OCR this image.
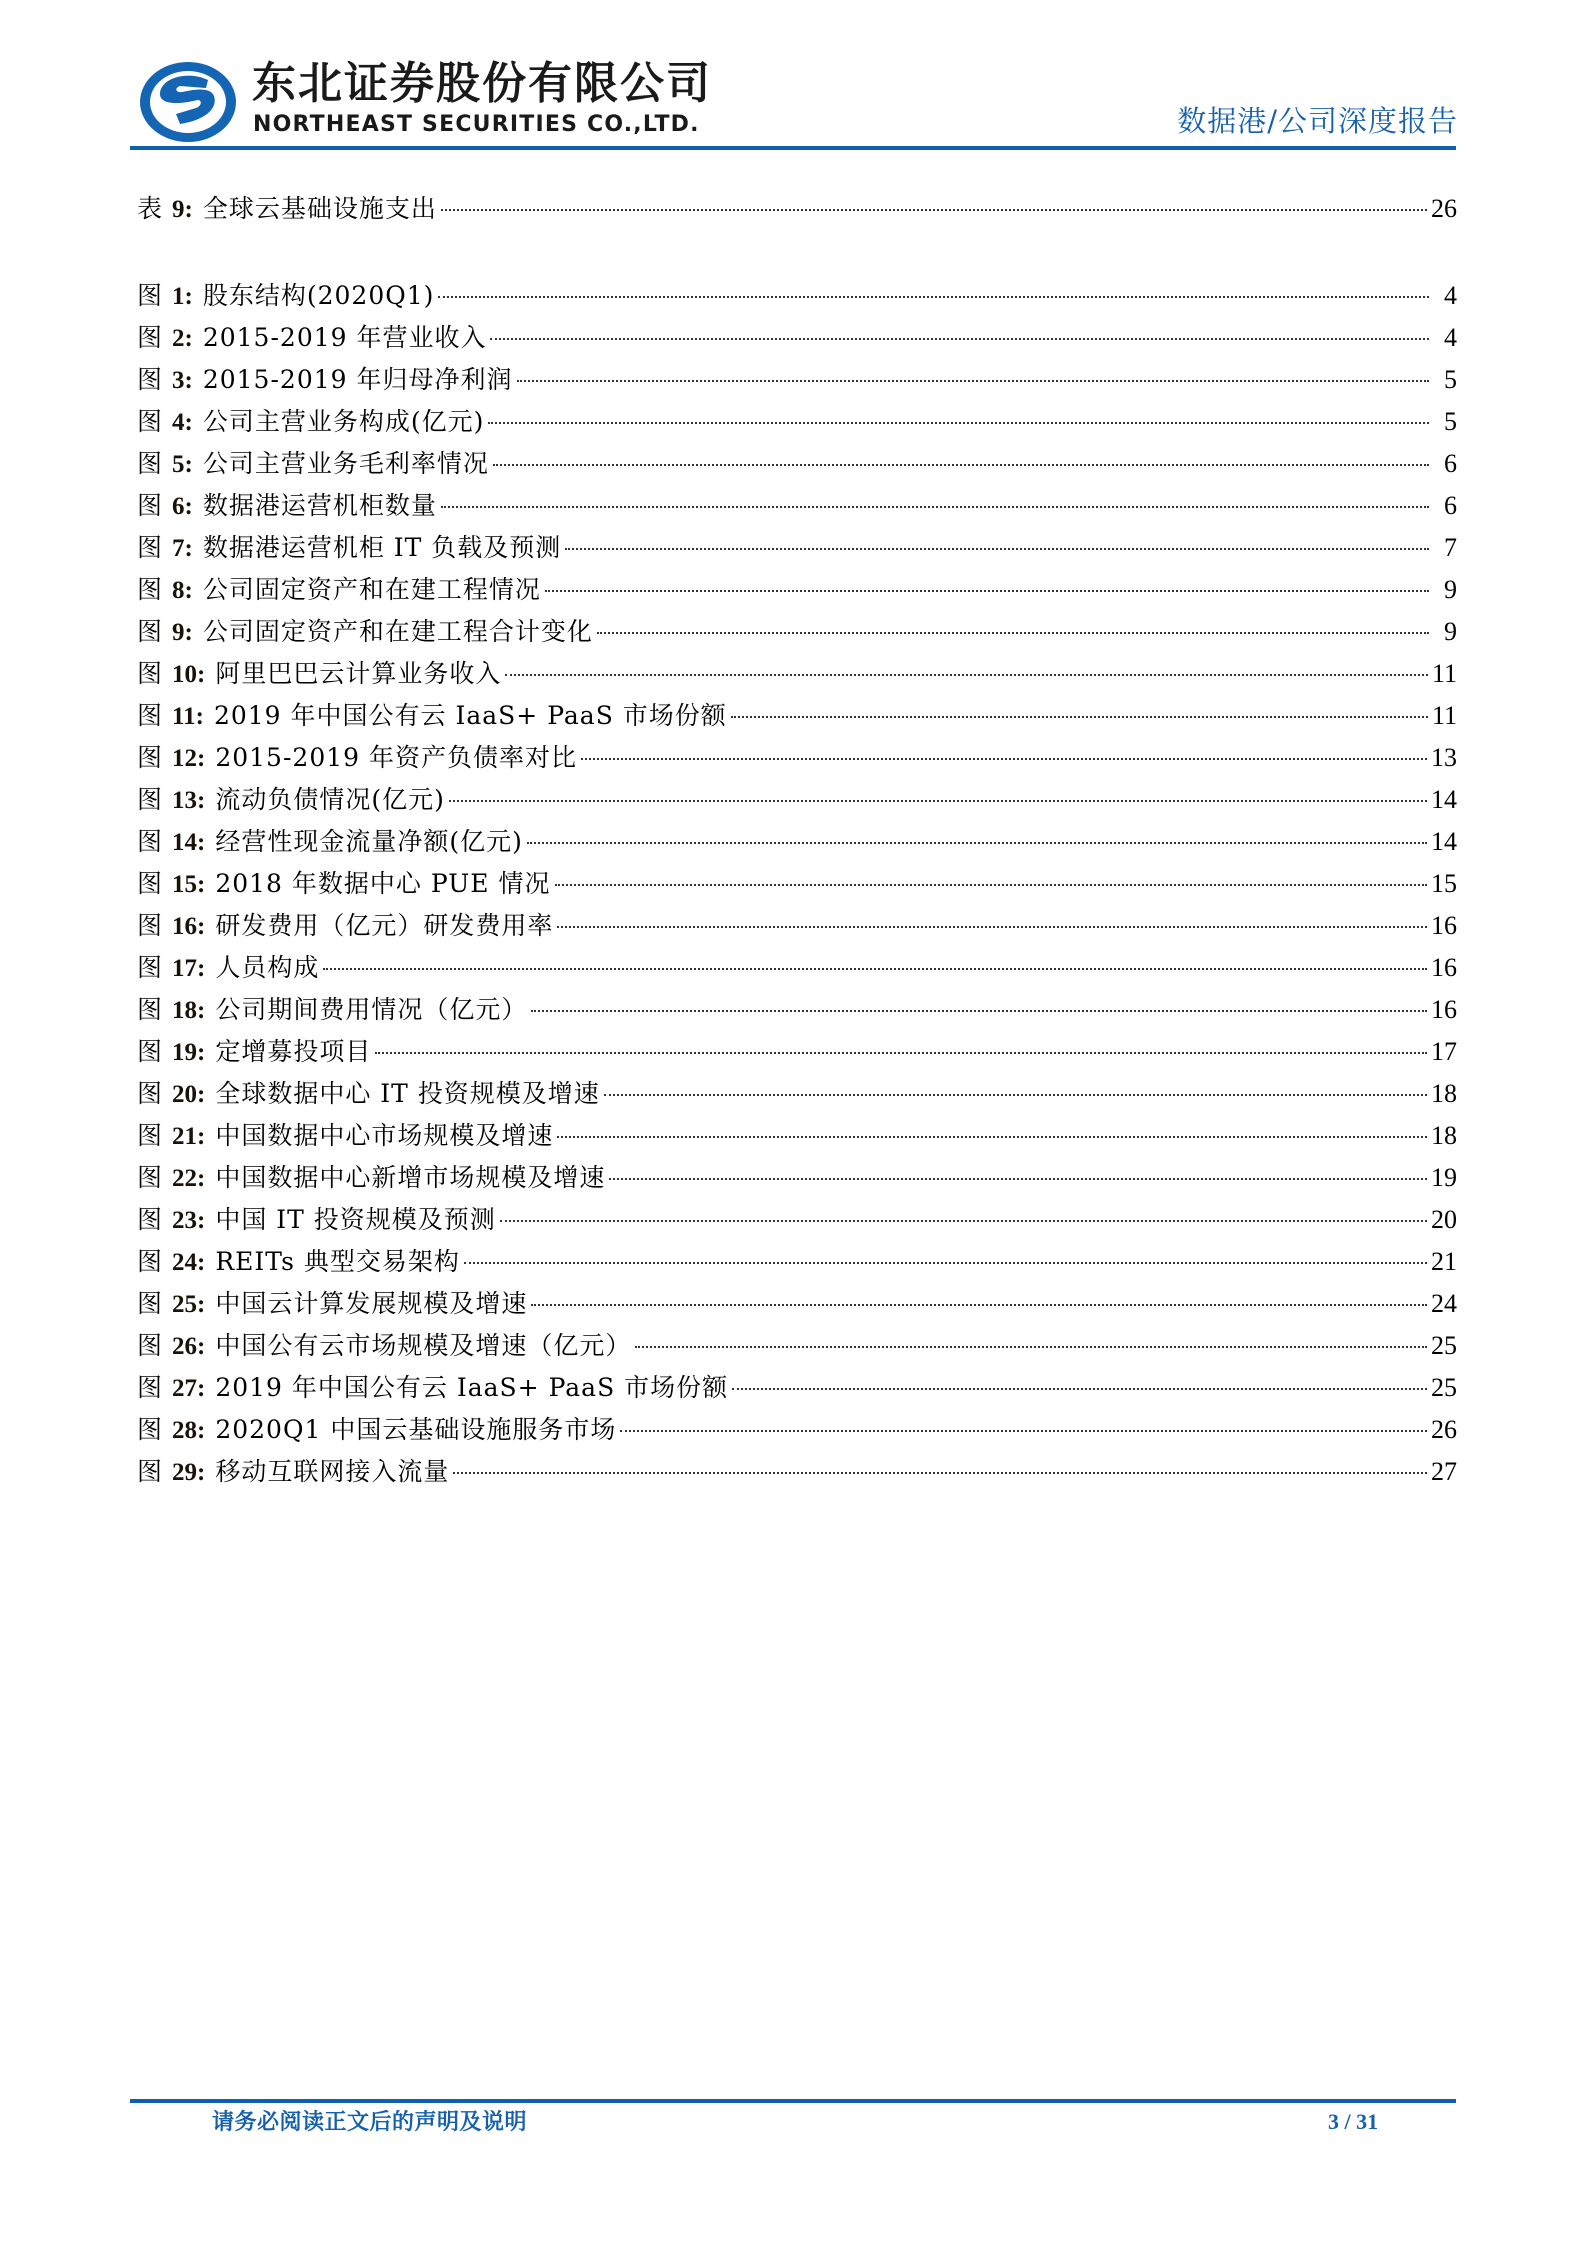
东北证券股份有限公司
NORTHEAST SECURITIES CO.,LTD.	数据港/公司深度报告
表 9: 全球云基础设施支出	26
图 1: 股东结构(2020Q1)	4
图 2: 2015-2019 年营业收入	4
图 3: 2015-2019 年归母净利润	5
图 4: 公司主营业务构成(亿元)	5
图 5: 公司主营业务毛利率情况	6
图 6: 数据港运营机柜数量	6
图 7: 数据港运营机柜 IT 负载及预测	7
图 8: 公司固定资产和在建工程情况	9
图 9: 公司固定资产和在建工程合计变化	9
图 10: 阿里巴巴云计算业务收入	11
图 11: 2019 年中国公有云 IaaS+ PaaS 市场份额	11
图 12: 2015-2019 年资产负债率对比	13
图 13: 流动负债情况(亿元)	14
图 14: 经营性现金流量净额(亿元)	14
图 15: 2018 年数据中心 PUE 情况	15
图 16: 研发费用（亿元）研发费用率	16
图 17: 人员构成	16
图 18: 公司期间费用情况（亿元）	16
图 19: 定增募投项目	17
图 20: 全球数据中心 IT 投资规模及增速	18
图 21: 中国数据中心市场规模及增速	18
图 22: 中国数据中心新增市场规模及增速	19
图 23: 中国 IT 投资规模及预测	20
图 24: REITs 典型交易架构	21
图 25: 中国云计算发展规模及增速	24
图 26: 中国公有云市场规模及增速（亿元）	25
图 27: 2019 年中国公有云 IaaS+ PaaS 市场份额	25
图 28: 2020Q1 中国云基础设施服务市场	26
图 29: 移动互联网接入流量	27
请务必阅读正文后的声明及说明	3 / 31
